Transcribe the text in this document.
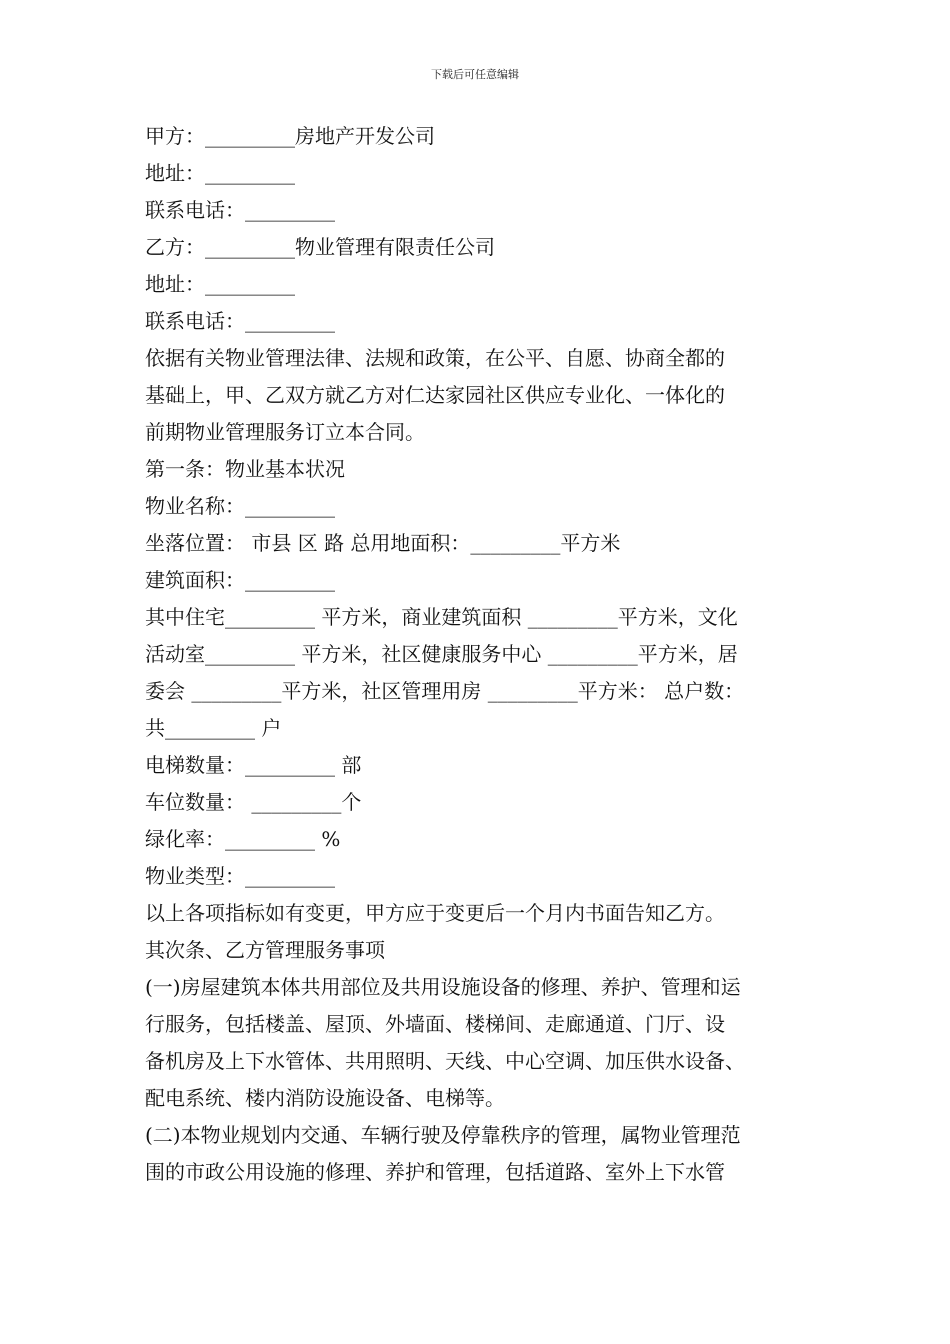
下载后可任意编辑
甲方：_________房地产开发公司
地址：_________
联系电话：_________
乙方：_________物业管理有限责任公司
地址：_________
联系电话：_________
依据有关物业管理法律、法规和政策，在公平、自愿、协商全都的
基础上，甲、乙双方就乙方对仁达家园社区供应专业化、一体化的
前期物业管理服务订立本合同。
第一条：物业基本状况
物业名称：_________
坐落位置： 市县 区 路 总用地面积：_________平方米
建筑面积：_________
其中住宅_________ 平方米，商业建筑面积 _________平方米，文化
活动室_________ 平方米，社区健康服务中心 _________平方米，居
委会 _________平方米，社区管理用房 _________平方米： 总户数：
共_________ 户
电梯数量：_________ 部
车位数量： _________个
绿化率：_________ %
物业类型：_________
以上各项指标如有变更，甲方应于变更后一个月内书面告知乙方。
其次条、乙方管理服务事项
(一)房屋建筑本体共用部位及共用设施设备的修理、养护、管理和运
行服务，包括楼盖、屋顶、外墙面、楼梯间、走廊通道、门厅、设
备机房及上下水管体、共用照明、天线、中心空调、加压供水设备、
配电系统、楼内消防设施设备、电梯等。
(二)本物业规划内交通、车辆行驶及停靠秩序的管理，属物业管理范
围的市政公用设施的修理、养护和管理，包括道路、室外上下水管
